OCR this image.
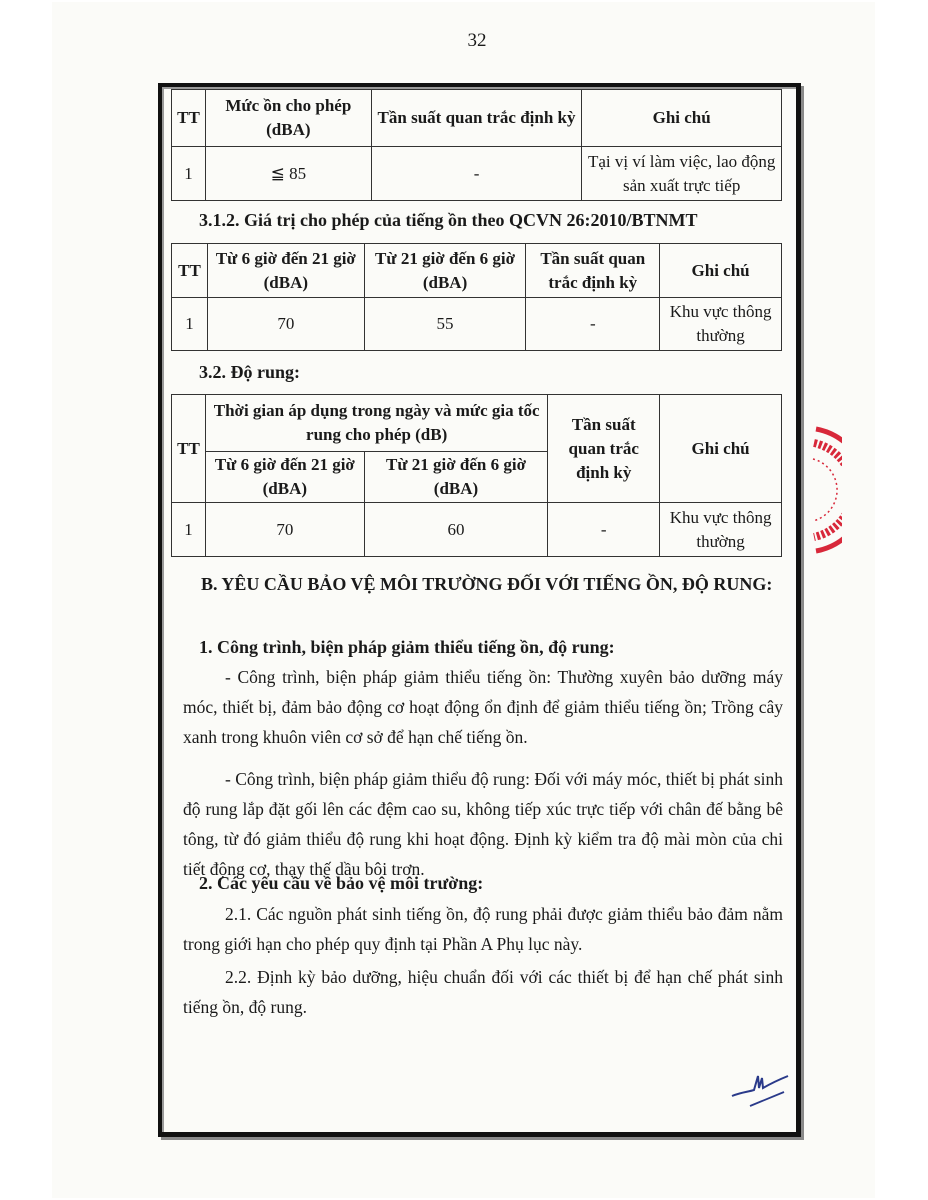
32
TT	Mức ồn cho phép (dBA)	Tần suất quan trắc định kỳ	Ghi chú
1	≦ 85	-	Tại vị ví làm việc, lao động sản xuất trực tiếp
3.1.2. Giá trị cho phép của tiếng ồn theo QCVN 26:2010/BTNMT
TT	Từ 6 giờ đến 21 giờ (dBA)	Từ 21 giờ đến 6 giờ (dBA)	Tần suất quan trắc định kỳ	Ghi chú
1	70	55	-	Khu vực thông thường
3.2. Độ rung:
TT	Thời gian áp dụng trong ngày và mức gia tốc rung cho phép (dB)		Tần suất quan trắc định kỳ	Ghi chú
	Từ 6 giờ đến 21 giờ (dBA)	Từ 21 giờ đến 6 giờ (dBA)		
1	70	60	-	Khu vực thông thường
B. YÊU CẦU BẢO VỆ MÔI TRƯỜNG ĐỐI VỚI TIẾNG ỒN, ĐỘ RUNG:
1. Công trình, biện pháp giảm thiểu tiếng ồn, độ rung:
- Công trình, biện pháp giảm thiểu tiếng ồn: Thường xuyên bảo dưỡng máy móc, thiết bị, đảm bảo động cơ hoạt động ổn định để giảm thiểu tiếng ồn; Trồng cây xanh trong khuôn viên cơ sở để hạn chế tiếng ồn.
- Công trình, biện pháp giảm thiểu độ rung: Đối với máy móc, thiết bị phát sinh độ rung lắp đặt gối lên các đệm cao su, không tiếp xúc trực tiếp với chân đế bằng bê tông, từ đó giảm thiểu độ rung khi hoạt động. Định kỳ kiểm tra độ mài mòn của chi tiết động cơ, thay thế dầu bôi trơn.
2. Các yêu cầu về bảo vệ môi trường:
2.1. Các nguồn phát sinh tiếng ồn, độ rung phải được giảm thiểu bảo đảm nằm trong giới hạn cho phép quy định tại Phần A Phụ lục này.
2.2. Định kỳ bảo dưỡng, hiệu chuẩn đối với các thiết bị để hạn chế phát sinh tiếng ồn, độ rung.
